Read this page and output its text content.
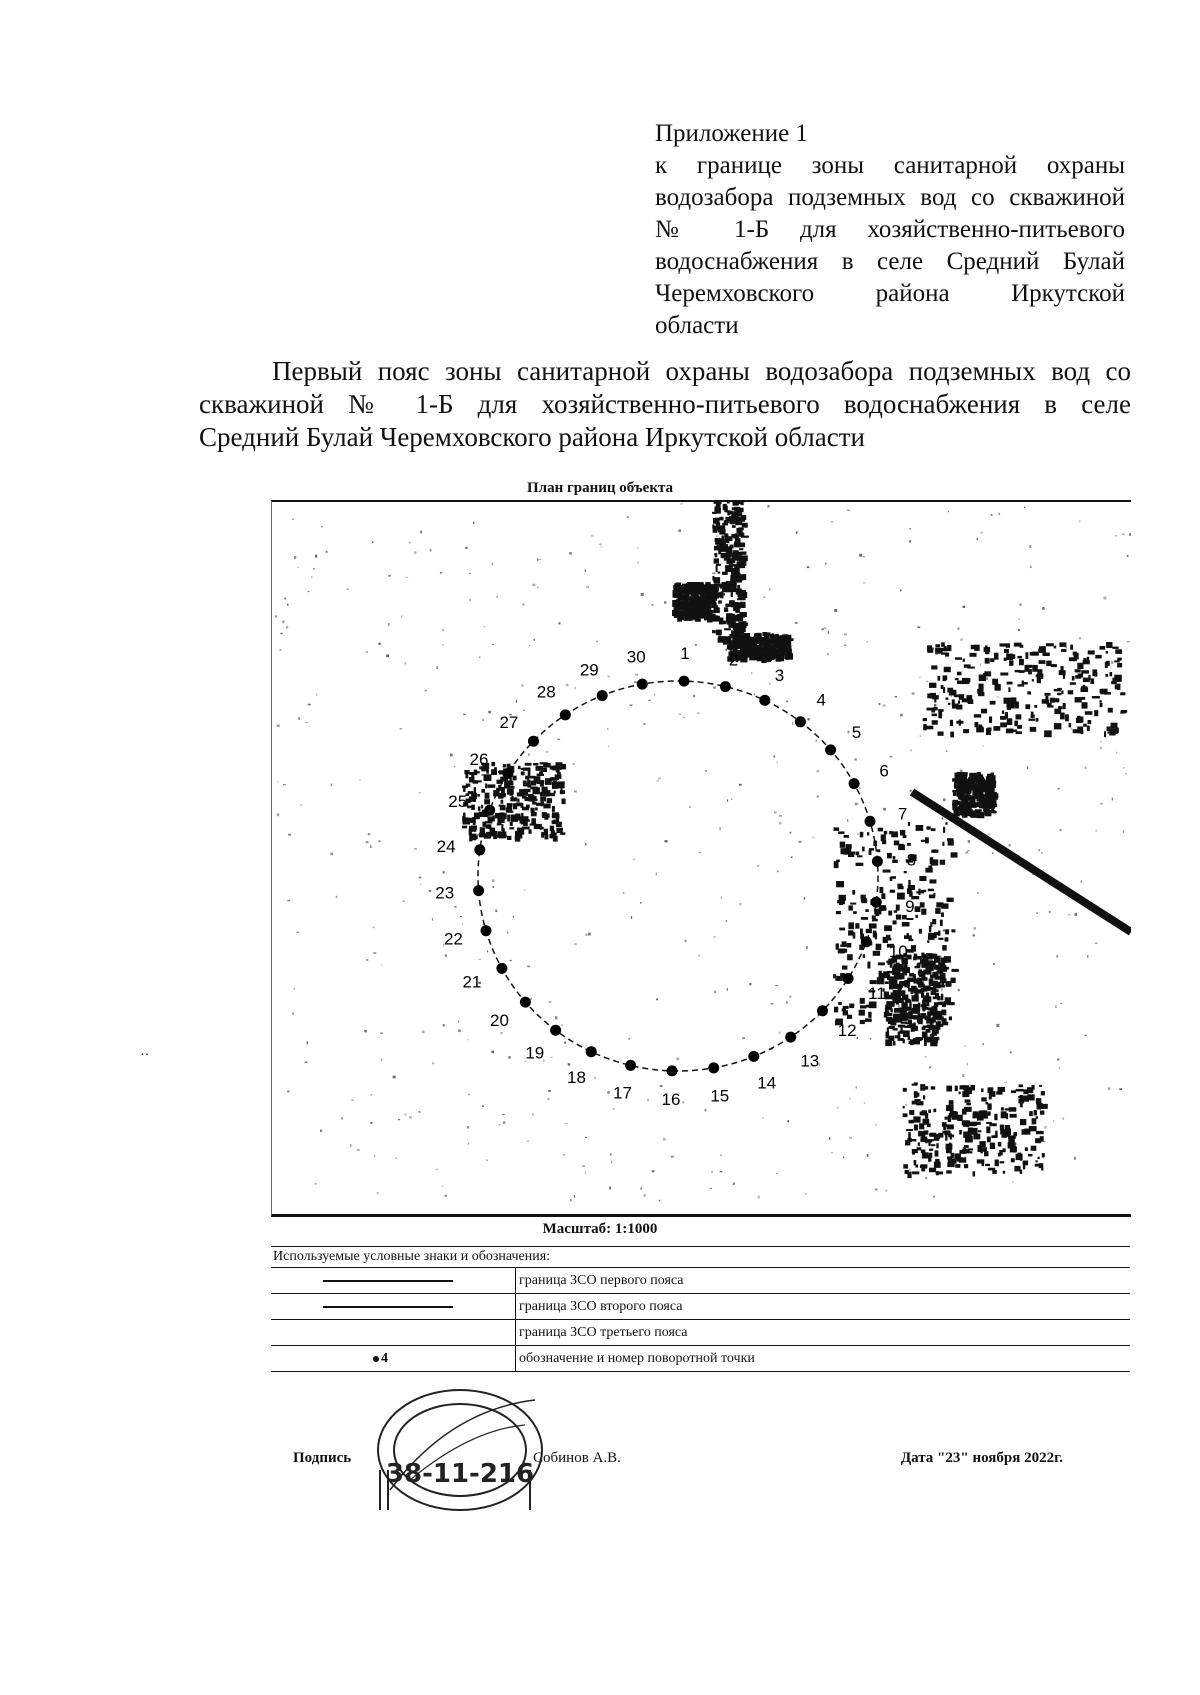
Приложение 1
к границе зоны санитарной охраны
водозабора подземных вод со скважиной
№ 1-Б для хозяйственно-питьевого
водоснабжения в селе Средний Булай
Черемховского района Иркутской
области
Первый пояс зоны санитарной охраны водозабора подземных вод со
скважиной № 1-Б для хозяйственно-питьевого водоснабжения в селе
Средний Булай Черемховского района Иркутской области
План границ объекта
1 2
3
4
5
6
7
8
9
10
11
12
13
14
15
16
17
18
19
20
21
22
23
24
25
26
27
28
29
30
Масштаб: 1:1000
Используемые условные знаки и обозначения:	

	граница ЗСО первого пояса

	граница ЗСО второго пояса
	граница ЗСО третьего пояса

4	обозначение и номер поворотной точки
38-11-216
Подпись	Собинов А.В.	Дата "23" ноября 2022г.
··
